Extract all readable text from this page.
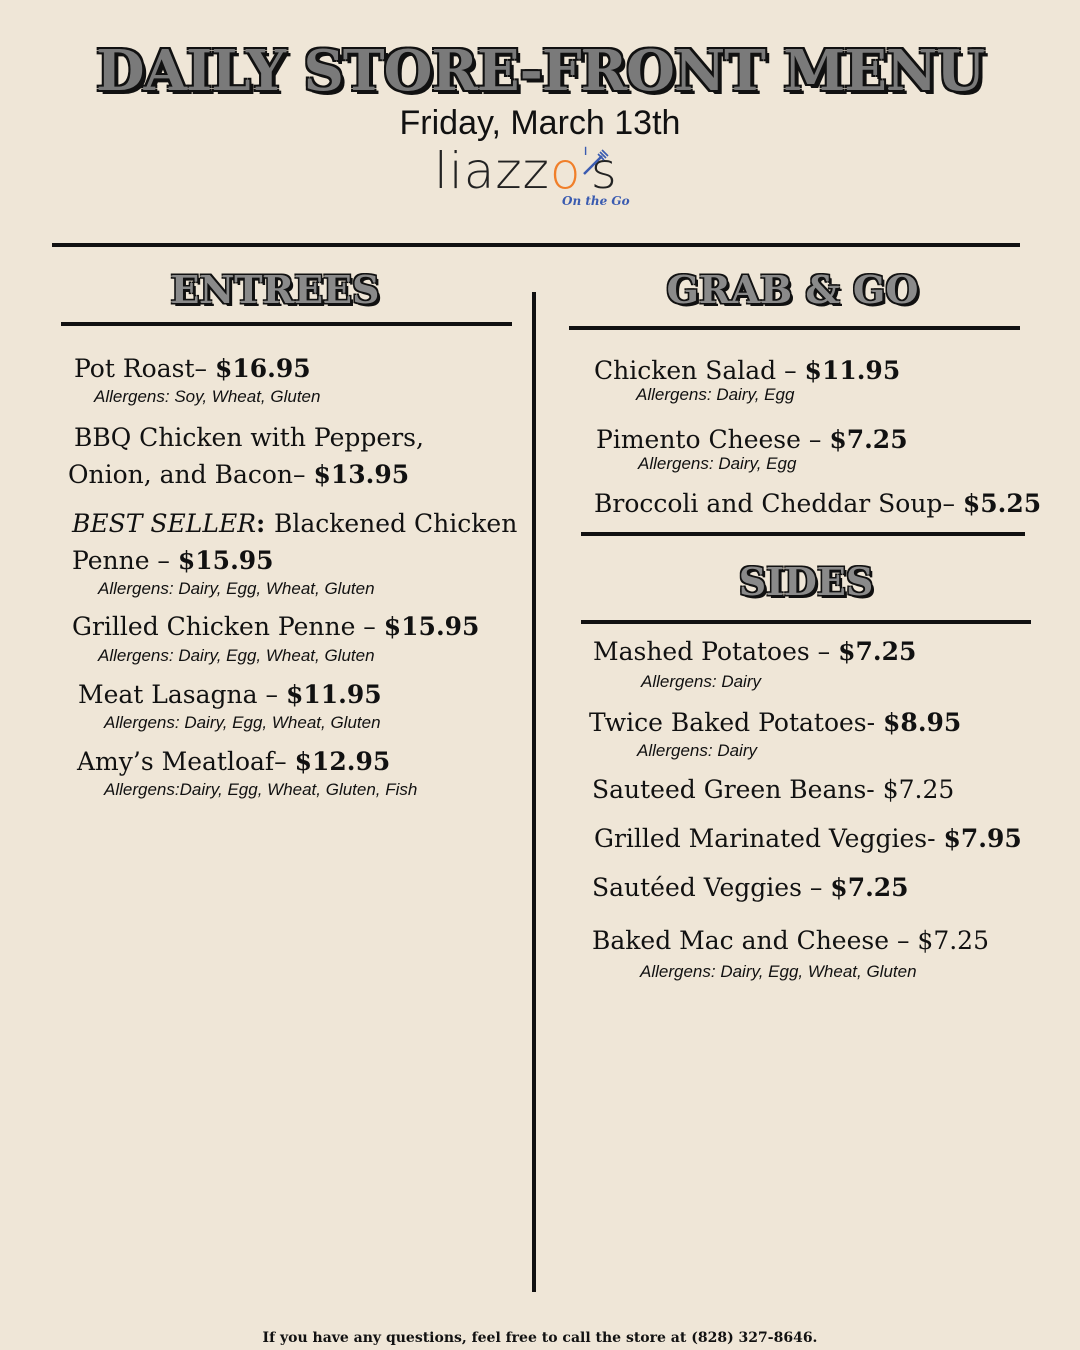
DAILY STORE-FRONT MENU
Friday, March 13th
liazzo's
On the Go
ENTREES
Pot Roast– $16.95
Allergens: Soy, Wheat, Gluten
BBQ Chicken with Peppers,
Onion, and Bacon– $13.95
BEST SELLER: Blackened Chicken
Penne – $15.95
Allergens: Dairy, Egg, Wheat, Gluten
Grilled Chicken Penne – $15.95
Allergens: Dairy, Egg, Wheat, Gluten
Meat Lasagna – $11.95
Allergens: Dairy, Egg, Wheat, Gluten
Amy’s Meatloaf– $12.95
Allergens:Dairy, Egg, Wheat, Gluten, Fish
GRAB & GO
Chicken Salad – $11.95
Allergens: Dairy, Egg
Pimento Cheese – $7.25
Allergens: Dairy, Egg
Broccoli and Cheddar Soup– $5.25
SIDES
Mashed Potatoes – $7.25
Allergens: Dairy
Twice Baked Potatoes- $8.95
Allergens: Dairy
Sauteed Green Beans- $7.25
Grilled Marinated Veggies- $7.95
Sautéed Veggies – $7.25
Baked Mac and Cheese – $7.25
Allergens: Dairy, Egg, Wheat, Gluten
If you have any questions, feel free to call the store at (828) 327-8646.
